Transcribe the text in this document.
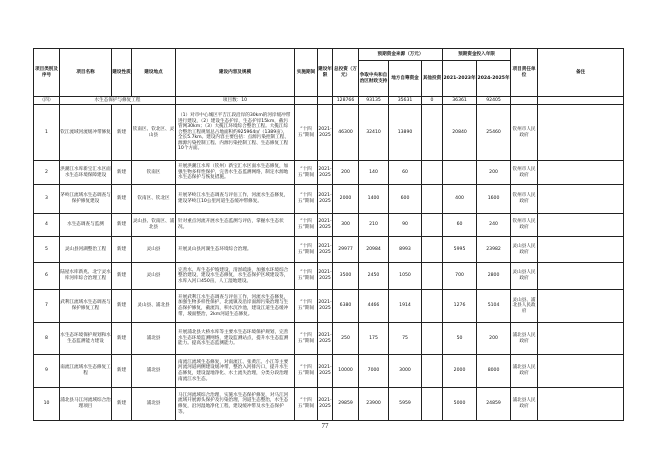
项目类别及序号	项目名称	建设性质	建设地点	建设内容及规模	实施期间	建设年限	总投资（万元）	预期资金来源（万元）			预期资金投入年限		项目责任单位	备注
								争取中央和自治区财政支持	地方自筹资金	其他投资	2021-2023年	2024-2025年		
（四）	水生态保护与修复工程			项目数：10			128766	93135	35631	0	36361	92405		
1	钦江流域河流缓冲带修复	新建	钦南区、钦北区、灵山县	（1）对市中心城区平吉江段沿岸的30km的河岸缓冲带进行建设，（2）建设生态护岸，生态护岸15km，截污管网30km；（3）大揽江环境综合整治工程。大揽江综合整治工程规划总占地面积约925964㎡（1389亩），全长5.7km。建设内容主要包括：点源污染控制工程、源源污染控制工程、内源污染控制工程、生态修复工程10个方面。	“十四五”期间	2021-2025	46300	32410	13890		20840	25460	钦州市人民政府	
2	洪潮江水库新宝汇水区面水生态环境保障建设	新建	钦南区	开展洪潮江水库（钦州）新宝汇水区面水生态修复，加强生物多样性保护，完善水生态监测网络，制定水源地水生态保护与恢复措施。	“十四五”期间	2021-2025	200	140	60			200	钦州市人民政府	
3	茅岭江流域水生态调查与保护修复建设	新建	钦南区、钦北区	开展茅岭江水生态调查与评估工作，河流水生态修复，建设茅岭江10公里河道生态缓冲带修复。	“十四五”期间	2021-2025	2000	1400	600		400	1600	钦州市人民政府	
4	水生态调查与监测	新建	灵山县、钦南区、浦北县	针对重点河流开展水生态监测与评估，掌握水生态状况。	“十四五”期间	2021-2025	300	210	90		60	240	钦州市人民政府	
5	灵山县河湖整治工程	新建	灵山县	开展灵山县河湖生态环境综合治理。	“十四五”期间	2021-2025	29977	20984	8993		5995	23982	灵山县人民政府	
6	陆屋水库新兆、北宁灵水库河库综合治理工程	新建	灵山县	完善水、库生态护坡建设，清淤疏浚，加强水环境综合整治建设，建设水生态修复，水生态保护区域建设等，水库入河口450亩，人工湿地建设。	“十四五”期间	2021-2025	3500	2450	1050		700	2800	灵山县人民政府	
7	武利江流域水生态调查与保护修复工程	新建	灵山县、浦北县	开展武利江水生态调查与评估工作，河流水生态修复，加强生物多样性保护，北流镇及沿岸面源污染治理与生态保护修复，截流沟，积水沉沙池，建设江道生态缓冲带，坡面整治，2km河道生态修复。	“十四五”期间	2021-2025	6380	4466	1914		1276	5104	灵山县、浦北县人民政府	
8	水生态环境保护规划和水生态监测能力建设	新建	浦北县	开展浦北县大桥水库等主要水生态环境保护规划，完善水生态环境监测网络，建设监测站点，提升水生态监测能力。提高水生态监测能力。	“十四五”期间	2021-2025	250	175	75		50	200	浦北县人民政府	
9	南流江流域水生态修复工程	新建	浦北县	南流江流域生态修复，对南流江、张黄江、小江等主要河流河道两侧建设缓冲带，整治入河排污口，提升水生态修复，建设湿地净化、水土流失治理，分类分段治理南流江水生态。	“十四五”期间	2021-2025	10000	7000	3000		2000	8000	浦北县人民政府	
10	浦北县马江河流域综合治理项目	新建	浦北县	马江河流域综合治理，实施水生态保护修复，对马江河流域开展源头保护及污染治理，河道生态整治，水生态修复，沿河湿地净化工程，建设缓冲带及水生态保护等。	“十四五”期间	2021-2025	29859	23900	5959		5000	24859	浦北县人民政府	
77
